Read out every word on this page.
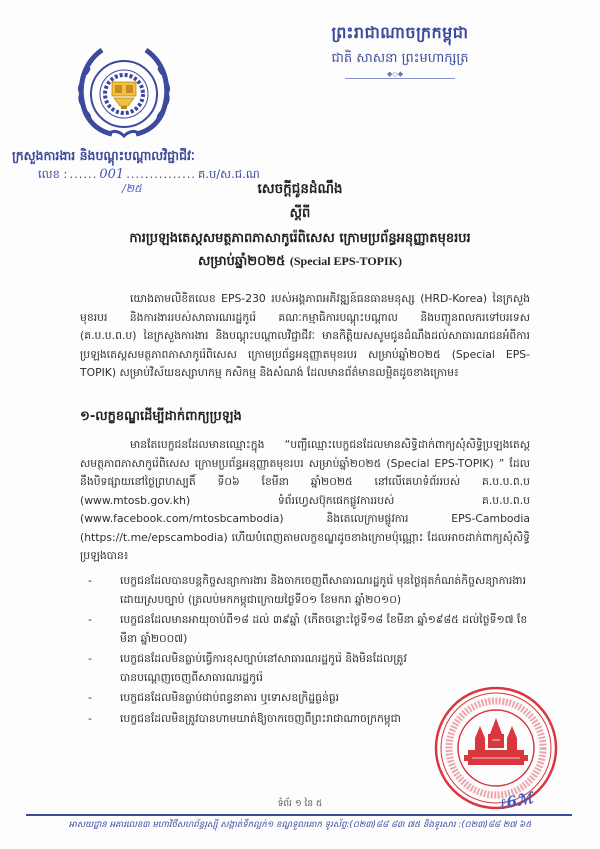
ព្រះរាជាណាចក្រកម្ពុជា
ជាតិ សាសនា ព្រះមហាក្សត្រ
◆◇◆
ក្រសួងការងារ និងបណ្តុះបណ្តាលវិជ្ជាជីវៈ
លេខ : ...... 001 ............... គ.ប/ស.ជ.ណ
/២៥	សេចក្តីជូនដំណឹង
ស្តីពី
ការប្រឡងតេស្តសមត្ថភាពភាសាកូរ៉េពិសេស ក្រោមប្រព័ន្ធអនុញ្ញាតមុខរបរ
សម្រាប់ឆ្នាំ២០២៥ (Special EPS-TOPIK)
យោងតាមលិខិតលេខ EPS-230 របស់អង្គភាពអភិវឌ្ឍន៍ធនធានមនុស្ស (HRD-Korea) នៃក្រសួងមុខរបរ និងការងាររបស់សាធារណរដ្ឋកូរ៉េ គណៈកម្មាធិការបណ្តុះបណ្តាល និងបញ្ជូនពលករទៅបរទេស (គ.ប.ប.ព.ប) នៃក្រសួងការងារ និងបណ្តុះបណ្តាលវិជ្ជាជីវៈ មានកិត្តិយសសូមជូនដំណឹងដល់សាធារណជនអំពីការប្រឡងតេស្តសមត្ថភាពភាសាកូរ៉េពិសេស ក្រោមប្រព័ន្ធអនុញ្ញាតមុខរបរ សម្រាប់ឆ្នាំ២០២៥ (Special EPS-TOPIK) សម្រាប់វិស័យឧស្សាហកម្ម កសិកម្ម និងសំណង់ ដែលមានព័ត៌មានលម្អិតដូចខាងក្រោម៖
១-លក្ខខណ្ឌដើម្បីដាក់ពាក្យប្រឡង
មានតែបេក្ខជនដែលមានឈ្មោះក្នុង “បញ្ជីឈ្មោះបេក្ខជនដែលមានសិទ្ធិដាក់ពាក្យសុំសិទ្ធិប្រឡងតេស្តសមត្ថភាពភាសាកូរ៉េពិសេស ក្រោមប្រព័ន្ធអនុញ្ញាតមុខរបរ សម្រាប់ឆ្នាំ២០២៥ (Special EPS-TOPIK) ” ដែលនឹងបិទផ្សាយនៅថ្ងៃព្រហស្បតិ៍ ទី០៦ ខែមីនា ឆ្នាំ២០២៥ នៅលើគេហទំព័ររបស់ គ.ប.ប.ព.ប (www.mtosb.gov.kh) ទំព័រហ្វេសប៊ុកផេកផ្លូវការរបស់ គ.ប.ប.ព.ប (www.facebook.com/mtosbcambodia) និងតេលេក្រាមផ្លូវការ EPS-Cambodia (https://t.me/epscambodia) ហើយបំពេញតាមលក្ខខណ្ឌដូចខាងក្រោមប៉ុណ្ណោះ ដែលអាចដាក់ពាក្យសុំសិទ្ធិប្រឡងបាន៖
-	បេក្ខជនដែលបានបន្តកិច្ចសន្យាការងារ និងចាកចេញពីសាធារណរដ្ឋកូរ៉េ មុនថ្ងៃផុតកំណត់កិច្ចសន្យាការងារដោយស្របច្បាប់ (ត្រលប់មកកម្ពុជាក្រោយថ្ងៃទី០១ ខែមករា ឆ្នាំ២០១០)
-	បេក្ខជនដែលមានអាយុចាប់ពី១៨ ដល់ ៣៩ឆ្នាំ (កើតចន្លោះថ្ងៃទី១៨ ខែមីនា ឆ្នាំ១៩៨៥ ដល់ថ្ងៃទី១៧ ខែមីនា ឆ្នាំ២០០៧)
-	បេក្ខជនដែលមិនធ្លាប់ធ្វើការខុសច្បាប់នៅសាធារណរដ្ឋកូរ៉េ និងមិនដែលត្រូវបានបណ្តេញចេញពីសាធារណរដ្ឋកូរ៉េ
-	បេក្ខជនដែលមិនធ្លាប់ជាប់ពន្ធនាគារ ឬទោសឧក្រិដ្ឋធ្ងន់ធ្ងរ
-	បេក្ខជនដែលមិនត្រូវបានហាមឃាត់ឱ្យចាកចេញពីព្រះរាជាណាចក្រកម្ពុជា
ℓ6ℳ
ទំព័រ ១ នៃ ៥
អាសយដ្ឋាន អគារលេខ៣ មហាវិថីសហព័ន្ធរុស្ស៊ី សង្កាត់ទឹកល្អក់១ ខណ្ឌទួលគោក ទូរស័ព្ទ:(០២៣)៨៨ ៨៣ ៧៥ និងទូរសារ :(០២៣)៨៨ ២៧ ៦៥
